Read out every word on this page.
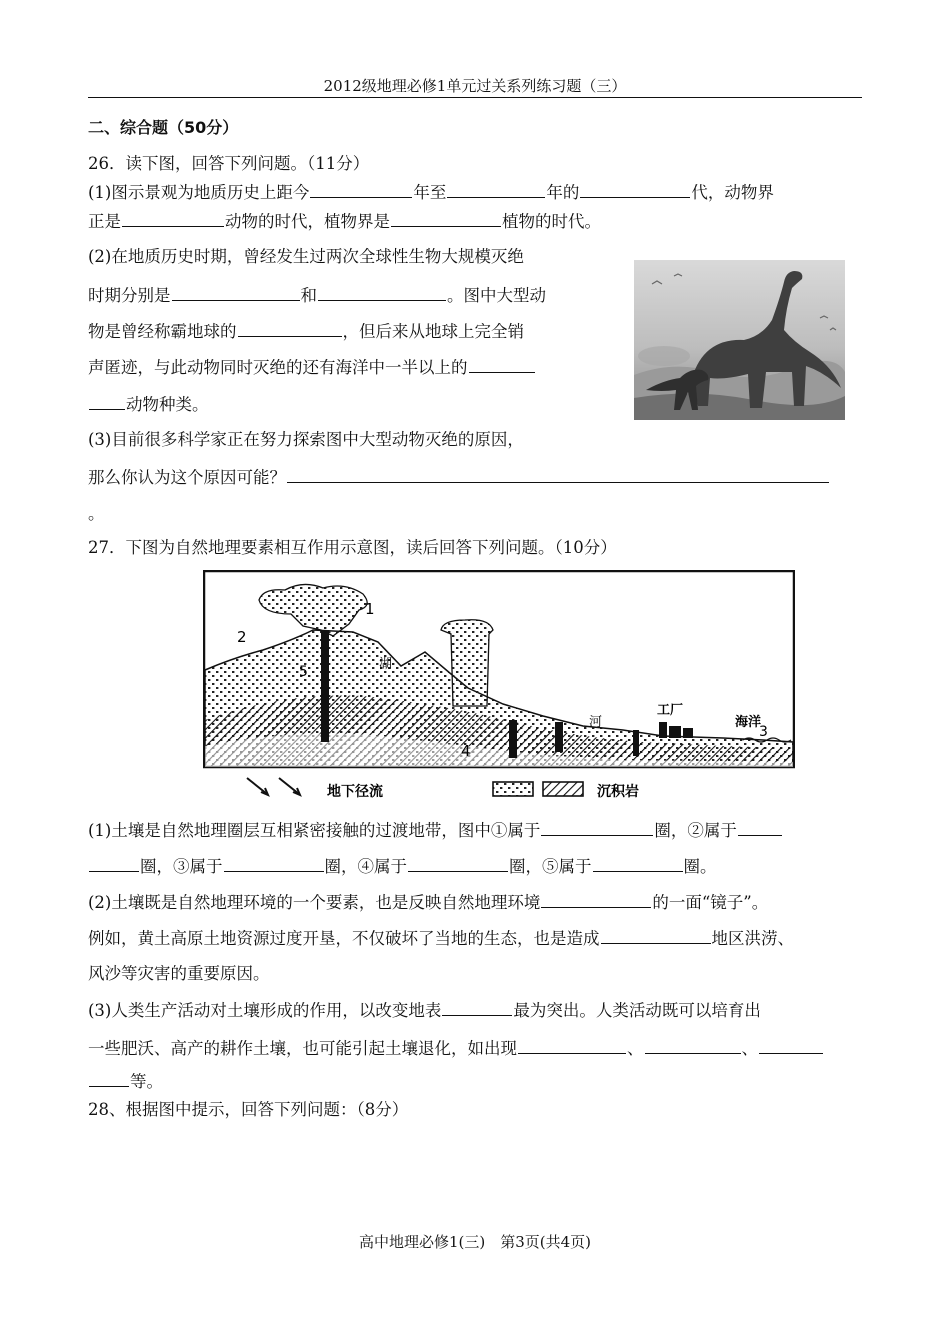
2012级地理必修1单元过关系列练习题（三）
二、综合题（50分）
26．读下图，回答下列问题。（11分）
(1)图示景观为地质历史上距今	年至	年的	代，动物界
正是	动物的时代，植物界是	植物的时代。
(2)在地质历史时期，曾经发生过两次全球性生物大规模灭绝
时期分别是	和	。图中大型动
物是曾经称霸地球的	，但后来从地球上完全销
声匿迹，与此动物同时灭绝的还有海洋中一半以上的
动物种类。
(3)目前很多科学家正在努力探索图中大型动物灭绝的原因，
那么你认为这个原因可能？
。
27．下图为自然地理要素相互作用示意图，读后回答下列问题。（10分）
1
2
5
4
3
湖
河
工厂
海洋
地下径流	沉积岩
(1)土壤是自然地理圈层互相紧密接触的过渡地带，图中①属于	圈，②属于
圈，③属于	圈，④属于	圈，⑤属于	圈。
(2)土壤既是自然地理环境的一个要素，也是反映自然地理环境	的一面“镜子”。
例如，黄土高原土地资源过度开垦，不仅破坏了当地的生态，也是造成	地区洪涝、
风沙等灾害的重要原因。
(3)人类生产活动对土壤形成的作用，以改变地表	最为突出。人类活动既可以培育出
一些肥沃、高产的耕作土壤，也可能引起土壤退化，如出现	、	、
等。
28、根据图中提示，回答下列问题：（8分）
高中地理必修1(三)　第3页(共4页)
